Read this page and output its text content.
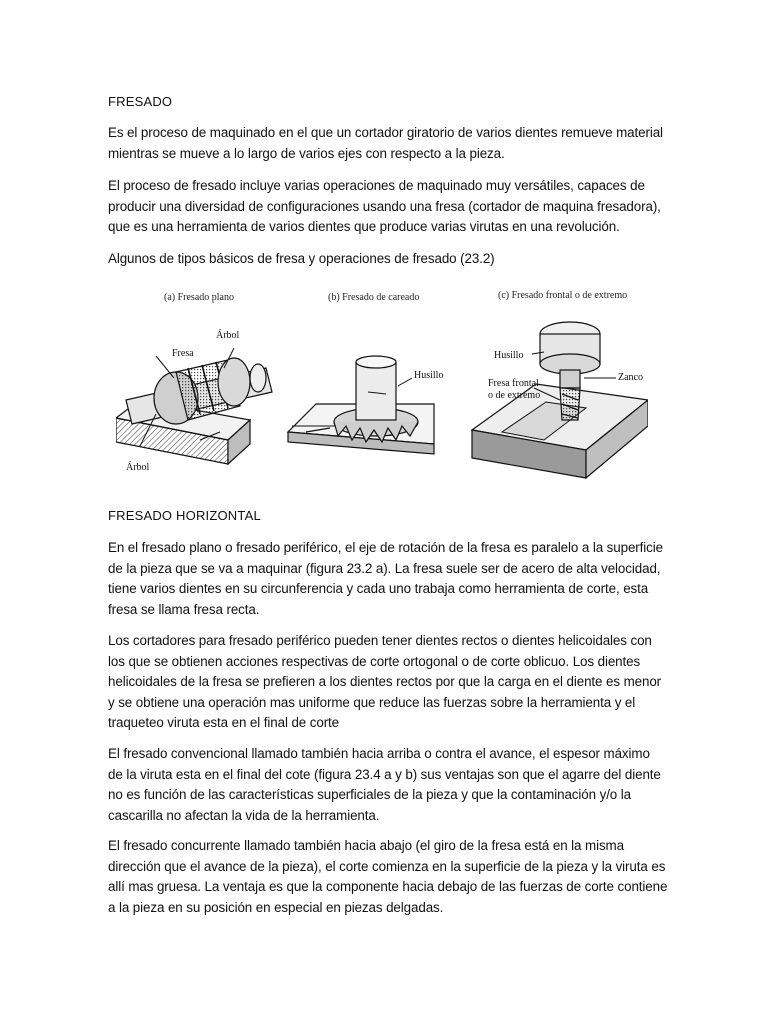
FRESADO

Es el proceso de maquinado en el que un cortador giratorio de varios dientes remueve material mientras se mueve a lo largo de varios ejes con respecto a la pieza.

El proceso de fresado incluye varias operaciones de maquinado muy versátiles, capaces de producir una diversidad de configuraciones usando una fresa (cortador de maquina fresadora), que es una herramienta de varios dientes que produce varias virutas en una revolución.

Algunos de tipos básicos de fresa y operaciones de fresado (23.2)

(a) Fresado plano
Árbol
Fresa
Árbol
(b) Fresado de careado
Husillo
(c) Fresado frontal o de extremo
Husillo
Zanco
Fresa frontal
o de extremo
FRESADO HORIZONTAL

En el fresado plano o fresado periférico, el eje de rotación de la fresa es paralelo a la superficie de la pieza que se va a maquinar (figura 23.2 a). La fresa suele ser de acero de alta velocidad, tiene varios dientes en su circunferencia y cada uno trabaja como herramienta de corte, esta fresa se llama fresa recta.

Los cortadores para fresado periférico pueden tener dientes rectos o dientes helicoidales con los que se obtienen acciones respectivas de corte ortogonal o de corte oblicuo. Los dientes helicoidales de la fresa se prefieren a los dientes rectos por que la carga en el diente es menor y se obtiene una operación mas uniforme que reduce las fuerzas sobre la herramienta y el traqueteo viruta esta en el final de corte

El fresado convencional llamado también hacia arriba o contra el avance, el espesor máximo de la viruta esta en el final del cote (figura 23.4 a y b) sus ventajas son que el agarre del diente no es función de las características superficiales de la pieza y que la contaminación y/o la cascarilla no afectan la vida de la herramienta.

El fresado concurrente llamado también hacia abajo (el giro de la fresa está en la misma dirección que el avance de la pieza), el corte comienza en la superficie de la pieza y la viruta es allí mas gruesa. La ventaja es que la componente hacia debajo de las fuerzas de corte contiene a la pieza en su posición en especial en piezas delgadas.
